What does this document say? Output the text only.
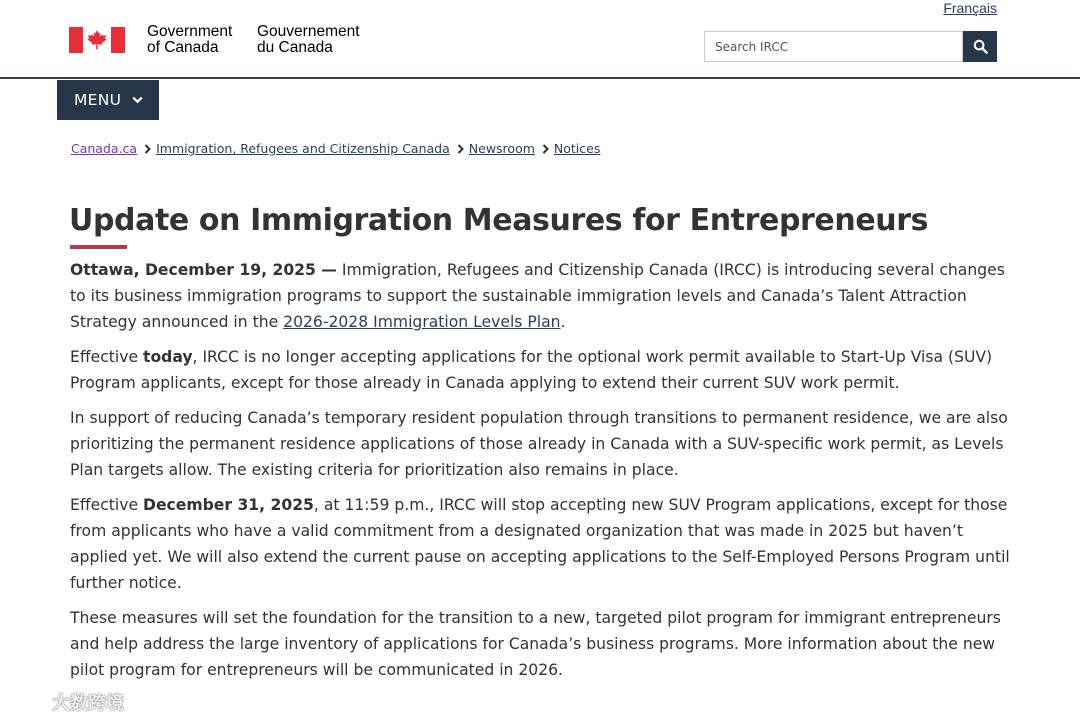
Français
Government
of Canada
Gouvernement
du Canada
Search IRCC
MENU
Canada.ca Immigration, Refugees and Citizenship Canada Newsroom Notices
Update on Immigration Measures for Entrepreneurs

Ottawa, December 19, 2025 — Immigration, Refugees and Citizenship Canada (IRCC) is introducing several changes to its business immigration programs to support the sustainable immigration levels and Canada’s Talent Attraction Strategy announced in the 2026-2028 Immigration Levels Plan.

Effective today, IRCC is no longer accepting applications for the optional work permit available to Start-Up Visa (SUV) Program applicants, except for those already in Canada applying to extend their current SUV work permit.

In support of reducing Canada’s temporary resident population through transitions to permanent residence, we are also prioritizing the permanent residence applications of those already in Canada with a SUV-specific work permit, as Levels Plan targets allow. The existing criteria for prioritization also remains in place.

Effective December 31, 2025, at 11:59 p.m., IRCC will stop accepting new SUV Program applications, except for those from applicants who have a valid commitment from a designated organization that was made in 2025 but haven’t applied yet. We will also extend the current pause on accepting applications to the Self-Employed Persons Program until further notice.

These measures will set the foundation for the transition to a new, targeted pilot program for immigrant entrepreneurs and help address the large inventory of applications for Canada’s business programs. More information about the new pilot program for entrepreneurs will be communicated in 2026.

大数跨境
